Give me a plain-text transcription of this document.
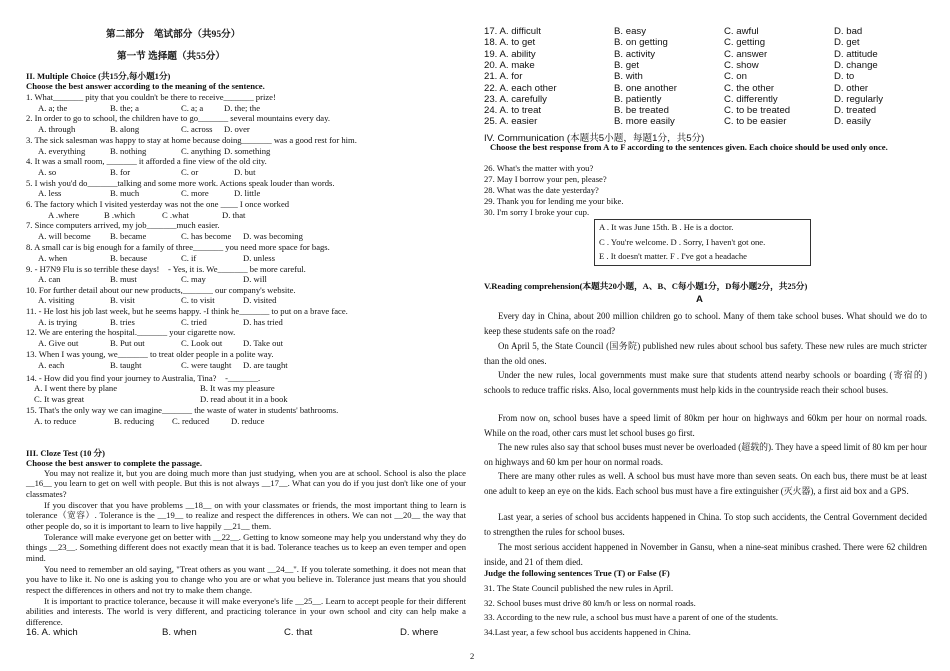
第二部分　笔试部分（共95分）
第一节 选择题（共55分）
II. Multiple Choice (共15分,每小题1分)
Choose the best answer according to the meaning of the sentence.
1. What_______ pity that you couldn't be there to receive_______ prize!
A. a; the	B. the; a	C. a; a D. the; the
2. In order to go to school, the children have to go_______ several mountains every day.
A. through	B. along	C. across D. over
3. The sick salesman was happy to stay at home because doing_______ was a good rest for him.
A. everything	B. nothing	C. anything D. something
4. It was a small room, _______ it afforded a fine view of the old city.
A. so	B. for	C. or	D. but
5. I wish you'd do_______talking and some more work. Actions speak louder than words.
A. less	B. much	C. more	D. little
6. The factory which I visited yesterday was not the one ____ I once worked
A .where	B .which	C .what	D. that
7. Since computers arrived, my job_______much easier.
A. will become B. became	C. has become D. was becoming
8. A small car is big enough for a family of three_______ you need more space for bags.
A. when	B. because	C. if	D. unless
9. - H7N9 Flu is so terrible these days!　- Yes, it is. We_______ be more careful.
A. can	B. must	C. may	D. will
10. For further detail about our new products,_______ our company's website.
A. visiting	B. visit	C. to visit	D. visited
11. - He lost his job last week, but he seems happy. -I think he_______ to put on a brave face.
A. is trying	B. tries	C. tried	D. has tried
12. We are entering the hospital._______ your cigarette now.
A. Give out	B. Put out	C. Look out D. Take out
13. When I was young, we_______ to treat older people in a polite way.
A. each	B. taught	C. were taught D. are taught
14. - How did you find your journey to Australia, Tina?　-_______.
A. I went there by plane	B. It was my pleasure
C. It was great	D. read about it in a book
15. That's the only way we can imagine_______ the waste of water in students' bathrooms.
A. to reduce	B. reducing C. reduced	D. reduce
III. Cloze Test (10 分)
Choose the best answer to complete the passage.
You may not realize it, but you are doing much more than just studying, when you are at school. School is also the place __16__ you learn to get on well with people. But this is not always __17__. What can you do if you just don't like one of your classmates?
If you discover that you have problems __18__ on with your classmates or friends, the most important thing to learn is tolerance（宽容）. Tolerance is the __19__ to realize and respect the differences in others. We can not __20__ the way that other people do, so it is important to learn to live happily __21__ them.
Tolerance will make everyone get on better with __22__. Getting to know someone may help you understand why they do things __23__. Something different does not exactly mean that it is bad. Tolerance teaches us to keep an even temper and open mind.
You need to remember an old saying, "Treat others as you want __24__". If you tolerate something. it does not mean that you have to like it. No one is asking you to change who you are or what you believe in. Tolerance just means that you should respect the differences in others and not try to make them change.
It is important to practice tolerance, because it will make everyone's life __25__. Learn to accept people for their different abilities and interests. The world is very different, and practicing tolerance in your own school and city can help make a difference.
16. A. which	B. when	C. that	D. where
17. A. difficult	B. easy	C. awful	D. bad
18. A. to get	B. on getting	C. getting	D. get
19. A. ability	B. activity	C. answer	D. attitude
20. A. make	B. get	C. show	D. change
21. A. for	B. with	C. on	D. to
22. A. each other	B. one another	C. the other	D. other
23. A. carefully	B. patiently	C. differently	D. regularly
24. A. to treat	B. be treated	C. to be treated	D. treated
25. A. easier	B. more easily	C. to be easier	D. easily
IV. Communication (本题共5小题，每题1分，共5分)
Choose the best response from A to F according to the sentences given. Each choice should be used only once.
26. What's the matter with you?
27. May I borrow your pen, please?
28. What was the date yesterday?
29. Thank you for lending me your bike.
30. I'm sorry I broke your cup.
A . It was June 15th. B . He is a doctor.
C . You're welcome. D . Sorry, I haven't got one.
E . It doesn't matter. F . I've got a headache
V.Reading comprehension(本题共20小题，A、B、C每小题1分，D每小题2分，共25分)
A
Every day in China, about 200 million children go to school. Many of them take school buses. What should we do to keep these students safe on the road?
On April 5, the State Council (国务院) published new rules about school bus safety. These new rules are much stricter than the old ones.
Under the new rules, local governments must make sure that students attend nearby schools or boarding (寄宿的) schools to reduce traffic risks. Also, local governments must help kids in the countryside reach their school buses.
From now on, school buses have a speed limit of 80km per hour on highways and 60km per hour on normal roads. While on the road, other cars must let school buses go first.
The new rules also say that school buses must never be overloaded (超载的). They have a speed limit of 80 km per hour on highways and 60 km per hour on normal roads.
There are many other rules as well. A school bus must have more than seven seats. On each bus, there must be at least one adult to keep an eye on the kids. Each school bus must have a fire extinguisher (灭火器), a first aid box and a GPS.
Last year, a series of school bus accidents happened in China. To stop such accidents, the Central Government decided to strengthen the rules for school buses.
The most serious accident happened in November in Gansu, when a nine-seat minibus crashed. There were 62 children inside, and 21 of them died.
Judge the following sentences True (T) or False (F)
31. The State Council published the new rules in April.
32. School buses must drive 80 km/h or less on normal roads.
33. According to the new rule, a school bus must have a parent of one of the students.
34.Last year, a few school bus accidents happened in China.
2
